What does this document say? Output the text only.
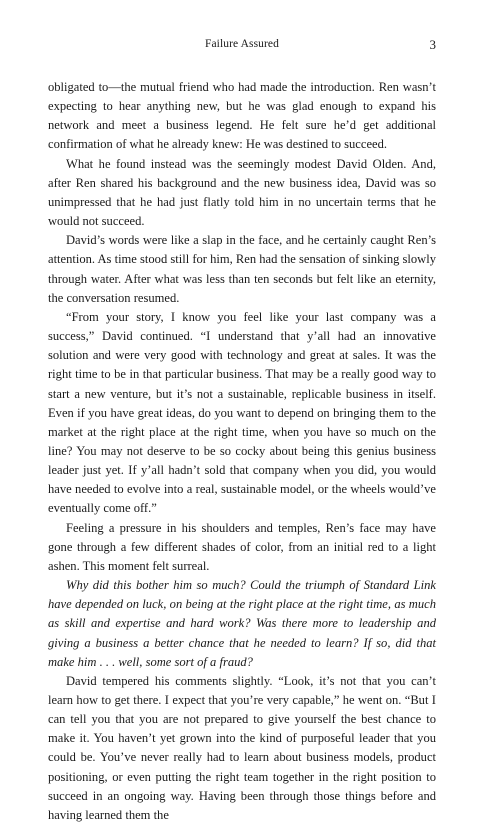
Failure Assured	3

obligated to—the mutual friend who had made the introduction. Ren wasn’t expecting to hear anything new, but he was glad enough to expand his network and meet a business legend. He felt sure he’d get additional confirmation of what he already knew: He was destined to succeed.

What he found instead was the seemingly modest David Olden. And, after Ren shared his background and the new business idea, David was so unimpressed that he had just flatly told him in no uncertain terms that he would not succeed.

David’s words were like a slap in the face, and he certainly caught Ren’s attention. As time stood still for him, Ren had the sensation of sinking slowly through water. After what was less than ten seconds but felt like an eternity, the conversation resumed.

“From your story, I know you feel like your last company was a success,” David continued. “I understand that y’all had an innovative solution and were very good with technology and great at sales. It was the right time to be in that particular business. That may be a really good way to start a new venture, but it’s not a sustainable, replicable business in itself. Even if you have great ideas, do you want to depend on bringing them to the market at the right place at the right time, when you have so much on the line? You may not deserve to be so cocky about being this genius business leader just yet. If y’all hadn’t sold that company when you did, you would have needed to evolve into a real, sustainable model, or the wheels would’ve eventually come off.”

Feeling a pressure in his shoulders and temples, Ren’s face may have gone through a few different shades of color, from an initial red to a light ashen. This moment felt surreal.

Why did this bother him so much? Could the triumph of Standard Link have depended on luck, on being at the right place at the right time, as much as skill and expertise and hard work? Was there more to leadership and giving a business a better chance that he needed to learn? If so, did that make him . . . well, some sort of a fraud?

David tempered his comments slightly. “Look, it’s not that you can’t learn how to get there. I expect that you’re very capable,” he went on. “But I can tell you that you are not prepared to give yourself the best chance to make it. You haven’t yet grown into the kind of purposeful leader that you could be. You’ve never really had to learn about business models, product positioning, or even putting the right team together in the right position to succeed in an ongoing way. Having been through those things before and having learned them the
